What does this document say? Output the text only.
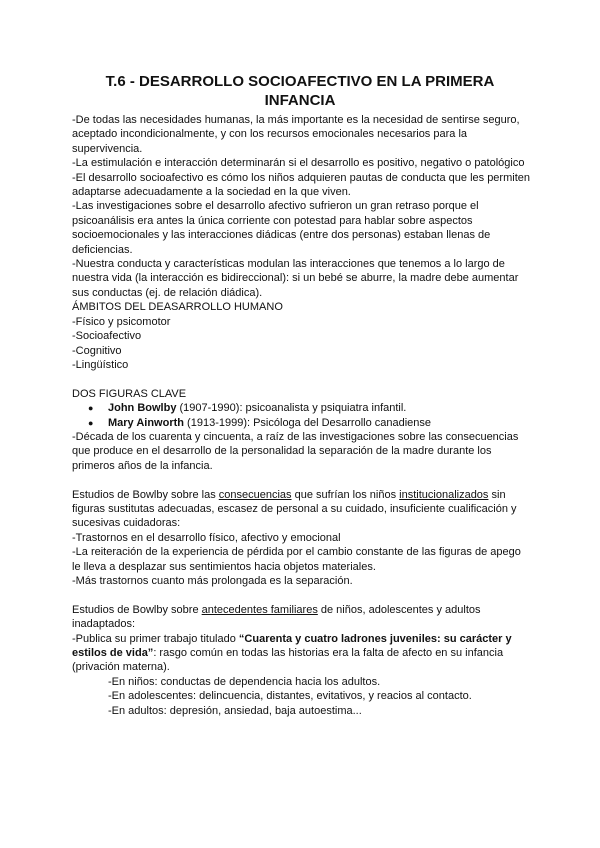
T.6 - DESARROLLO SOCIOAFECTIVO EN LA PRIMERA
INFANCIA

-De todas las necesidades humanas, la más importante es la necesidad de sentirse seguro, aceptado incondicionalmente, y con los recursos emocionales necesarios para la supervivencia.

-La estimulación e interacción determinarán si el desarrollo es positivo, negativo o patológico

-El desarrollo socioafectivo es cómo los niños adquieren pautas de conducta que les permiten adaptarse adecuadamente a la sociedad en la que viven.

-Las investigaciones sobre el desarrollo afectivo sufrieron un gran retraso porque el psicoanálisis era antes la única corriente con potestad para hablar sobre aspectos socioemocionales y las interacciones diádicas (entre dos personas) estaban llenas de deficiencias.

-Nuestra conducta y características modulan las interacciones que tenemos a lo largo de nuestra vida (la interacción es bidireccional): si un bebé se aburre, la madre debe aumentar sus conductas (ej. de relación diádica).

ÁMBITOS DEL DEASARROLLO HUMANO

-Físico y psicomotor

-Socioafectivo

-Cognitivo

-Lingüístico

DOS FIGURAS CLAVE

● John Bowlby (1907-1990): psicoanalista y psiquiatra infantil.
● Mary Ainworth (1913-1999): Psicóloga del Desarrollo canadiense

-Década de los cuarenta y cincuenta, a raíz de las investigaciones sobre las consecuencias que produce en el desarrollo de la personalidad la separación de la madre durante los primeros años de la infancia.

Estudios de Bowlby sobre las consecuencias que sufrían los niños institucionalizados sin figuras sustitutas adecuadas, escasez de personal a su cuidado, insuficiente cualificación y sucesivas cuidadoras:

-Trastornos en el desarrollo físico, afectivo y emocional

-La reiteración de la experiencia de pérdida por el cambio constante de las figuras de apego le lleva a desplazar sus sentimientos hacia objetos materiales.

-Más trastornos cuanto más prolongada es la separación.

Estudios de Bowlby sobre antecedentes familiares de niños, adolescentes y adultos inadaptados:

-Publica su primer trabajo titulado “Cuarenta y cuatro ladrones juveniles: su carácter y estilos de vida”: rasgo común en todas las historias era la falta de afecto en su infancia (privación materna).

-En niños: conductas de dependencia hacia los adultos.

-En adolescentes: delincuencia, distantes, evitativos, y reacios al contacto.

-En adultos: depresión, ansiedad, baja autoestima...
